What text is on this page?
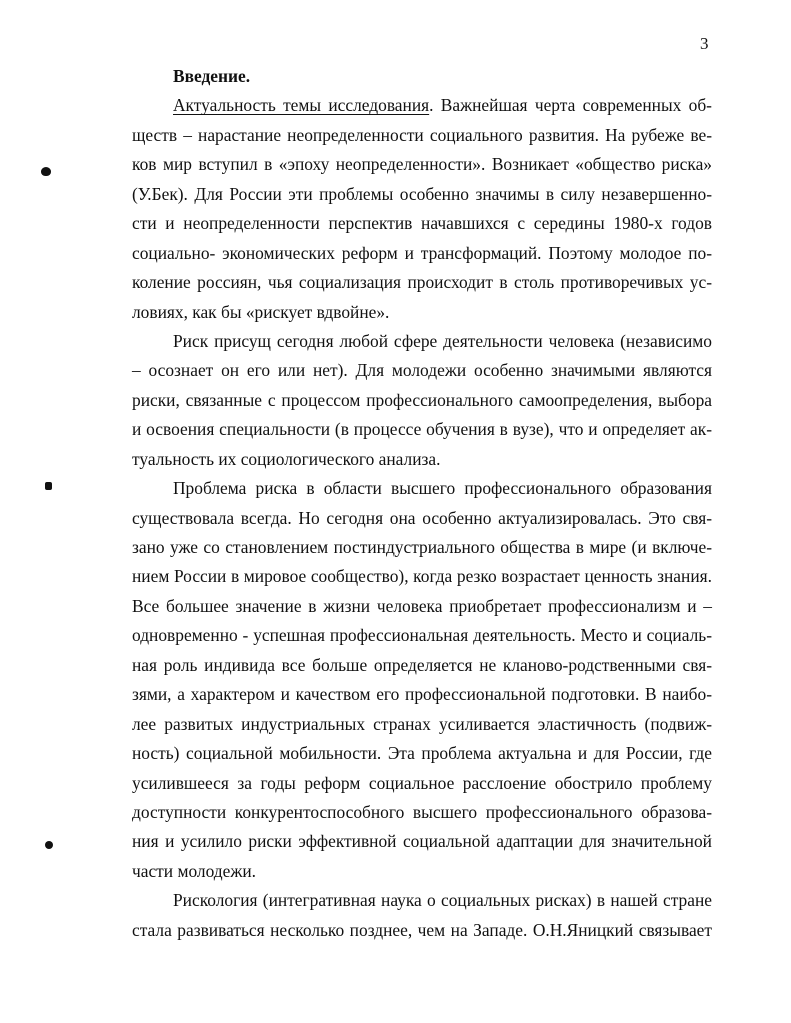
3
Введение.
Актуальность темы исследования. Важнейшая черта современных об-
ществ – нарастание неопределенности социального развития. На рубеже ве-
ков мир вступил в «эпоху неопределенности». Возникает «общество риска»
(У.Бек). Для России эти проблемы особенно значимы в силу незавершенно-
сти и неопределенности перспектив начавшихся с середины 1980-х годов
социально- экономических реформ и трансформаций. Поэтому молодое по-
коление россиян, чья социализация происходит в столь противоречивых ус-
ловиях, как бы «рискует вдвойне».
Риск присущ сегодня любой сфере деятельности человека (независимо
– осознает он его или нет). Для молодежи особенно значимыми являются
риски, связанные с процессом профессионального самоопределения, выбора
и освоения специальности (в процессе обучения в вузе), что и определяет ак-
туальность их социологического анализа.
Проблема риска в области высшего профессионального образования
существовала всегда. Но сегодня она особенно актуализировалась. Это свя-
зано уже со становлением постиндустриального общества в мире (и включе-
нием России в мировое сообщество), когда резко возрастает ценность знания.
Все большее значение в жизни человека приобретает профессионализм и –
одновременно - успешная профессиональная деятельность. Место и социаль-
ная роль индивида все больше определяется не кланово-родственными свя-
зями, а характером и качеством его профессиональной подготовки. В наибо-
лее развитых индустриальных странах усиливается эластичность (подвиж-
ность) социальной мобильности. Эта проблема актуальна и для России, где
усилившееся за годы реформ социальное расслоение обострило проблему
доступности конкурентоспособного высшего профессионального образова-
ния и усилило риски эффективной социальной адаптации для значительной
части молодежи.
Рискология (интегративная наука о социальных рисках) в нашей стране
стала развиваться несколько позднее, чем на Западе. О.Н.Яницкий связывает
